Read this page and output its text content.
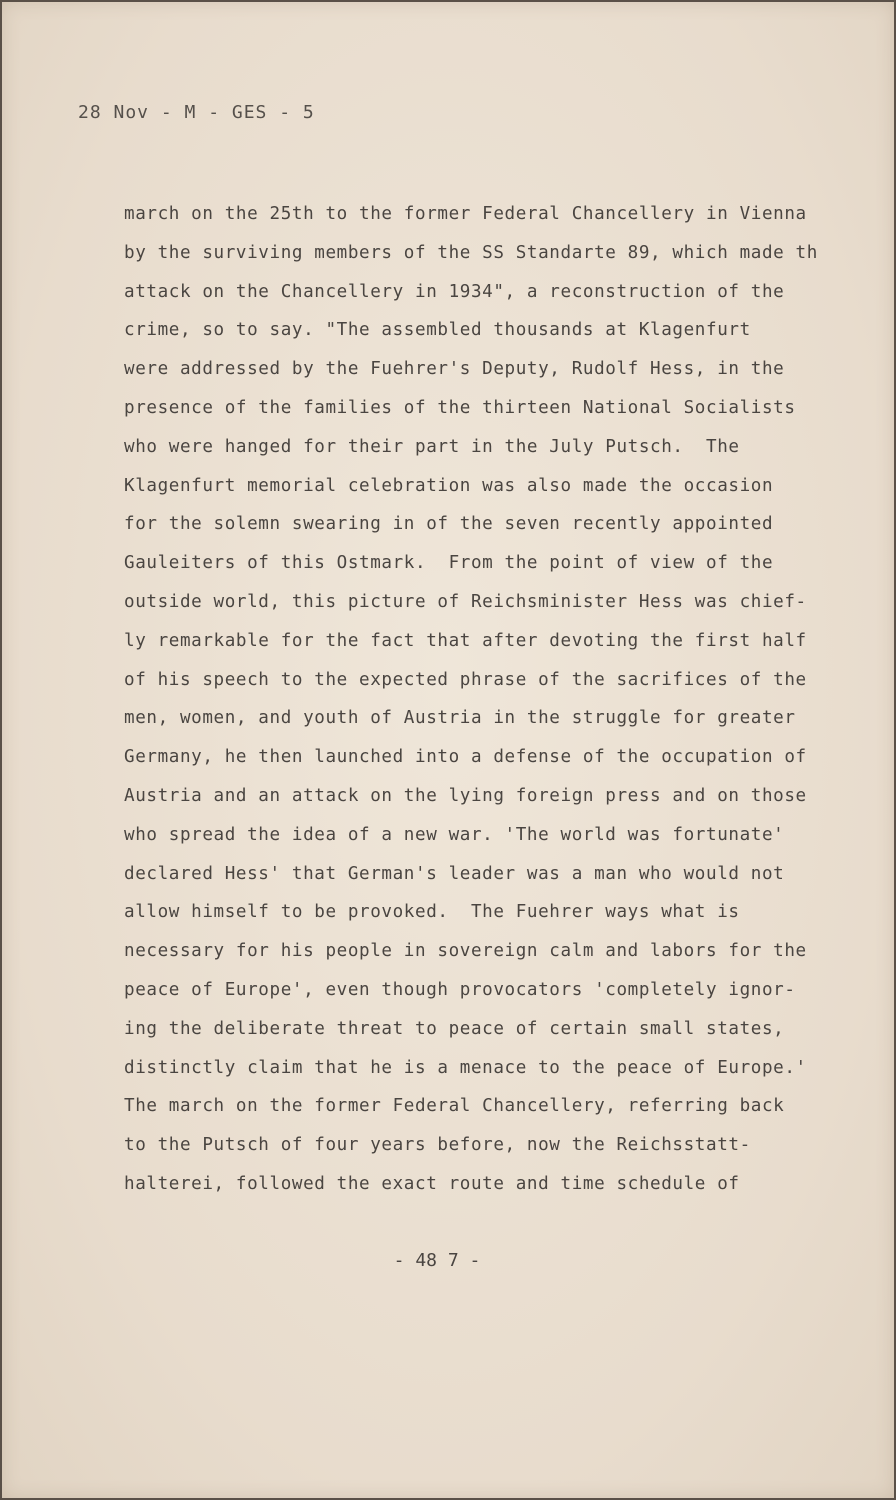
28 Nov - M - GES - 5
march on the 25th to the former Federal Chancellery in Vienna
by the surviving members of the SS Standarte 89, which made th
attack on the Chancellery in 1934", a reconstruction of the
crime, so to say. "The assembled thousands at Klagenfurt
were addressed by the Fuehrer's Deputy, Rudolf Hess, in the
presence of the families of the thirteen National Socialists
who were hanged for their part in the July Putsch.  The
Klagenfurt memorial celebration was also made the occasion
for the solemn swearing in of the seven recently appointed
Gauleiters of this Ostmark.  From the point of view of the
outside world, this picture of Reichsminister Hess was chief-
ly remarkable for the fact that after devoting the first half
of his speech to the expected phrase of the sacrifices of the
men, women, and youth of Austria in the struggle for greater
Germany, he then launched into a defense of the occupation of
Austria and an attack on the lying foreign press and on those
who spread the idea of a new war. 'The world was fortunate'
declared Hess' that German's leader was a man who would not
allow himself to be provoked.  The Fuehrer ways what is
necessary for his people in sovereign calm and labors for the
peace of Europe', even though provocators 'completely ignor-
ing the deliberate threat to peace of certain small states,
distinctly claim that he is a menace to the peace of Europe.'
The march on the former Federal Chancellery, referring back
to the Putsch of four years before, now the Reichsstatt-
halterei, followed the exact route and time schedule of
- 48 7 -
